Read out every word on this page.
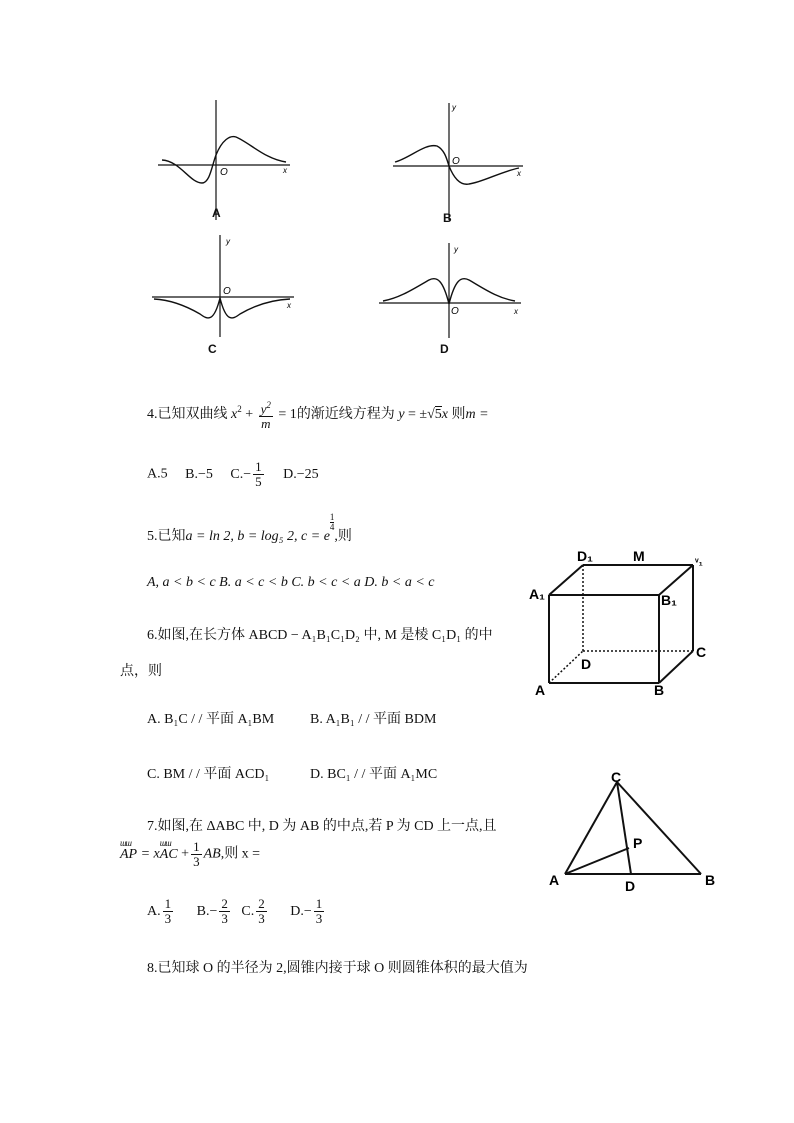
O	x
A
y
O
x
B
y
O
x
C
y
O	x
D
4.已知双曲线 $x^2 + \frac{y^2}{m} = 1$的渐近线方程为 y = ±√5x 则m =
A.5 B.−5 $C.- \frac{1}{5} D.-25$
5.已知a = ln 2, b = log₅ 2, c = e
$\frac{1}{4}$
,则
A, a < b < c B. a < c < b C. b < c < a D. b < a < c
6.如图,在长方体 ABCD − A₁B₁C₁D₂ 中, M 是棱 C₁D₁ 的中
点，则
A. B₁C / / 平面 A₁BM	B. A₁B₁ / / 平面 BDM
C. BM / / 平面 ACD₁	D. BC₁ / / 平面 A₁MC
D₁	M	ᵛ₁
A₁	B₁
D
C
A	B
7.如图,在 ΔABC 中, D 为 AB 的中点,若 P 为 CD 上一点,且
ɯɯ
AP = x
ɯɯ
AC + $\frac{1}{3}$ AB,则 x =
A. $\frac{1}{3} B.- \frac{2}{3} C$. $\frac{2}{3} D.- \frac{1}{3}$
C
P
A	D	B
8.已知球 O 的半径为 2,圆锥内接于球 O 则圆锥体积的最大值为
